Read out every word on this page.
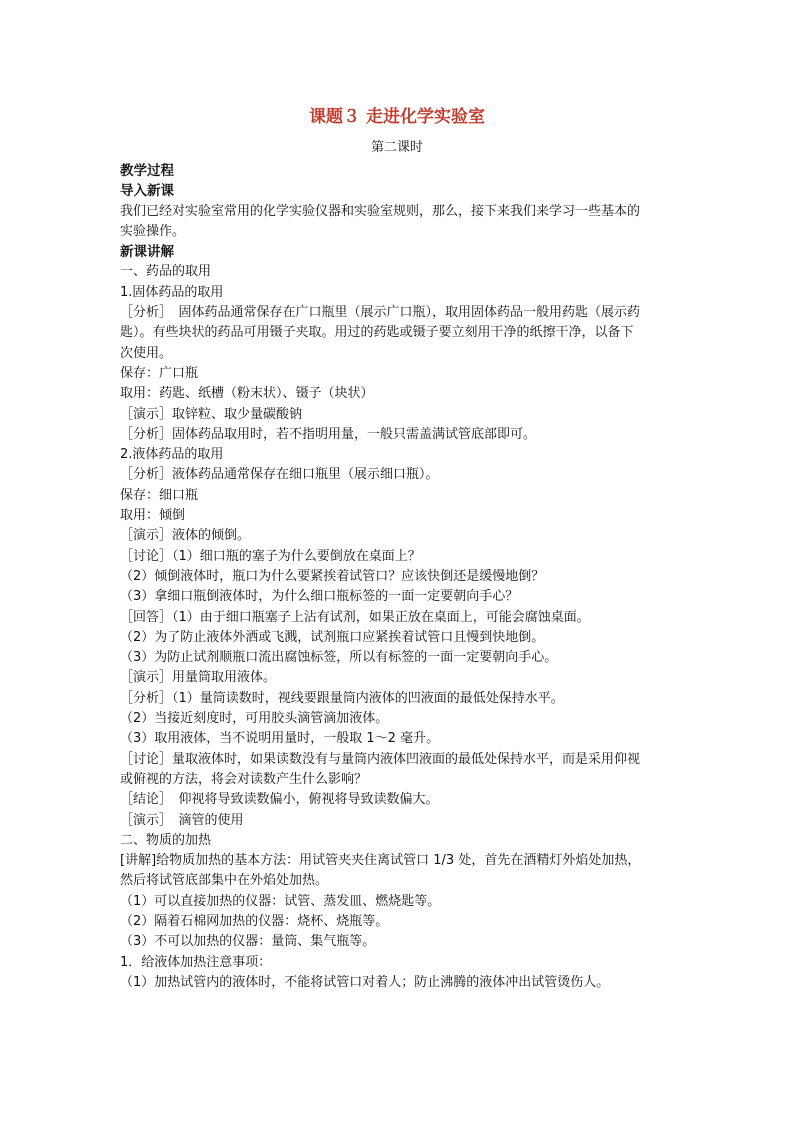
课题３ 走进化学实验室
第二课时
教学过程
导入新课
我们已经对实验室常用的化学实验仪器和实验室规则，那么，接下来我们来学习一些基本的
实验操作。
新课讲解
一、药品的取用
1.固体药品的取用
［分析］　固体药品通常保存在广口瓶里（展示广口瓶），取用固体药品一般用药匙（展示药
匙）。有些块状的药品可用镊子夹取。用过的药匙或镊子要立刻用干净的纸擦干净，以备下
次使用。
保存：广口瓶
取用：药匙、纸槽（粉末状）、镊子（块状）
［演示］取锌粒、取少量碳酸钠
［分析］固体药品取用时，若不指明用量，一般只需盖满试管底部即可。
2.液体药品的取用
［分析］液体药品通常保存在细口瓶里（展示细口瓶）。
保存：细口瓶
取用：倾倒
［演示］液体的倾倒。
［讨论］（1）细口瓶的塞子为什么要倒放在桌面上？
（2）倾倒液体时，瓶口为什么要紧挨着试管口？应该快倒还是缓慢地倒？
（3）拿细口瓶倒液体时，为什么细口瓶标签的一面一定要朝向手心？
［回答］（1）由于细口瓶塞子上沾有试剂，如果正放在桌面上，可能会腐蚀桌面。
（2）为了防止液体外洒或飞溅，试剂瓶口应紧挨着试管口且慢到快地倒。
（3）为防止试剂顺瓶口流出腐蚀标签，所以有标签的一面一定要朝向手心。
［演示］用量筒取用液体。
［分析］（1）量筒读数时，视线要跟量筒内液体的凹液面的最低处保持水平。
（2）当接近刻度时，可用胶头滴管滴加液体。
（3）取用液体，当不说明用量时，一般取 1～2 毫升。
［讨论］量取液体时，如果读数没有与量筒内液体凹液面的最低处保持水平，而是采用仰视
或俯视的方法，将会对读数产生什么影响？
［结论］　仰视将导致读数偏小，俯视将导致读数偏大。
［演示］　滴管的使用
二、物质的加热
[讲解]给物质加热的基本方法：用试管夹夹住离试管口 1/3 处，首先在酒精灯外焰处加热，
然后将试管底部集中在外焰处加热。
（1）可以直接加热的仪器：试管、蒸发皿、燃烧匙等。
（2）隔着石棉网加热的仪器：烧杯、烧瓶等。
（3）不可以加热的仪器：量筒、集气瓶等。
1．给液体加热注意事项：
（1）加热试管内的液体时，不能将试管口对着人；防止沸腾的液体冲出试管烫伤人。
